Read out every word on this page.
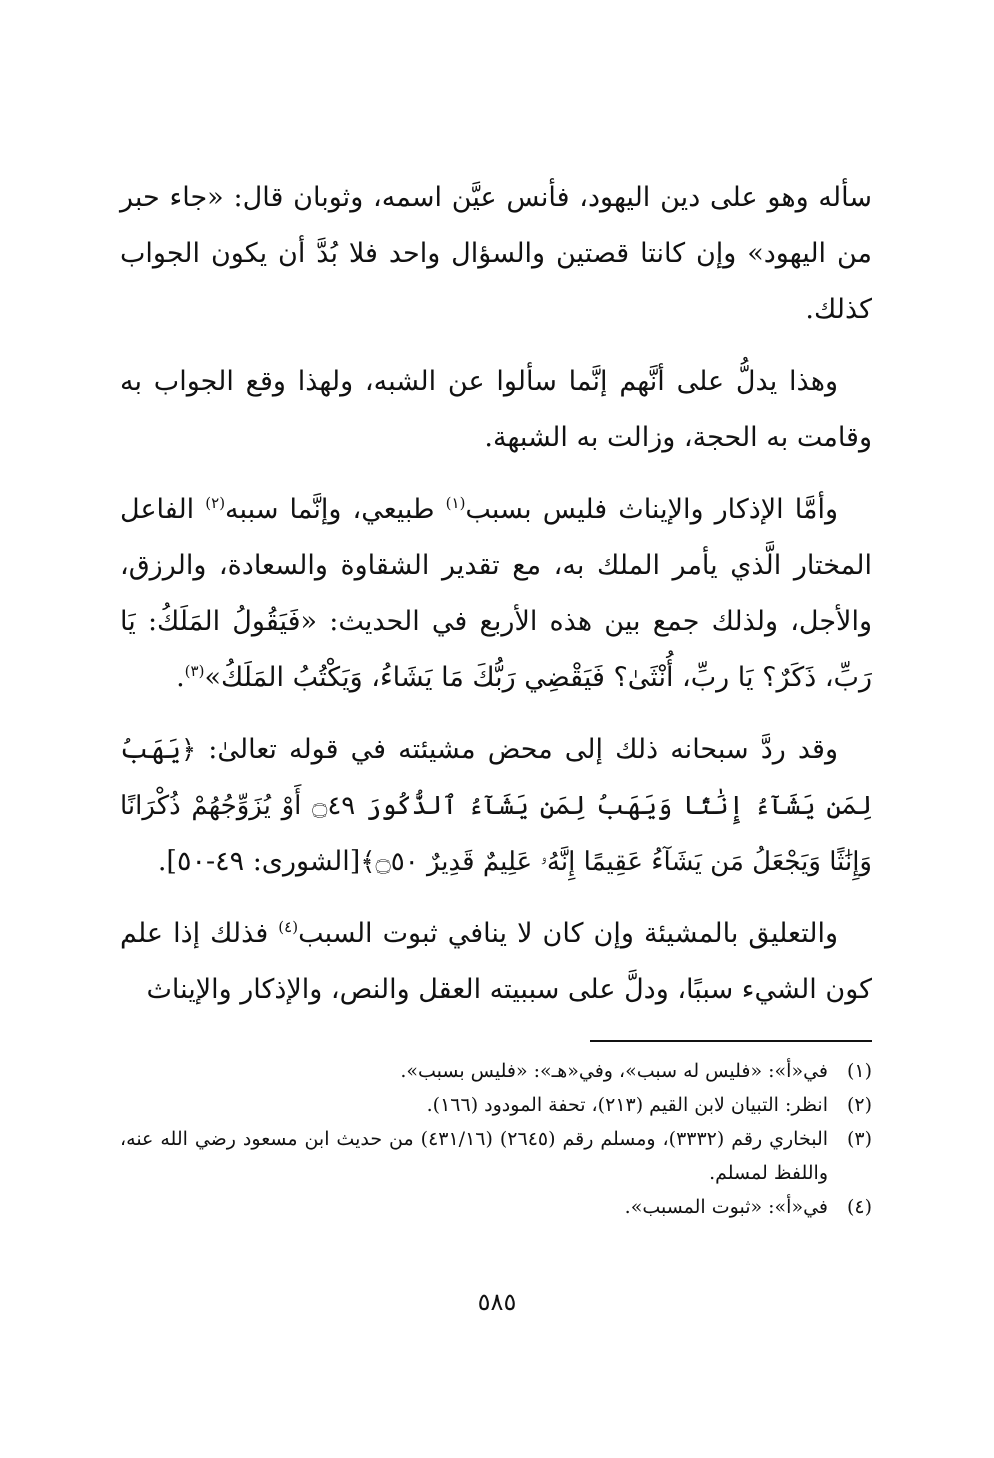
سأله وهو على دين اليهود، فأنس عيَّن اسمه، وثوبان قال: «جاء حبر من اليهود» وإن كانتا قصتين والسؤال واحد فلا بُدَّ أن يكون الجواب كذلك.

وهذا يدلُّ على أنَّهم إنَّما سألوا عن الشبه، ولهذا وقع الجواب به وقامت به الحجة، وزالت به الشبهة.

وأمَّا الإذكار والإيناث فليس بسبب$^{(١)}$ طبيعي، وإنَّما سببه$^{(٢)}$ الفاعل المختار الَّذي يأمر الملك به، مع تقدير الشقاوة والسعادة، والرزق، والأجل، ولذلك جمع بين هذه الأربع في الحديث: «فَيَقُولُ المَلَكُ: يَا رَبِّ، ذَكَرٌ؟ يَا ربِّ، أُنْثَىٰ؟ فَيَقْضِي رَبُّكَ مَا يَشَاءُ، وَيَكْتُبُ المَلَكُ»$^{(٣)}$.

وقد ردَّ سبحانه ذلك إلى محض مشيئته في قوله تعالىٰ: ﴿يَهَبُ لِمَن يَشَآءُ إِنَٰثًا وَيَهَبُ لِمَن يَشَآءُ ٱلذُّكُورَ ۝٤٩ أَوْ يُزَوِّجُهُمْ ذُكْرَانًا وَإِنَٰثًا وَيَجْعَلُ مَن يَشَآءُ عَقِيمًا إِنَّهُۥ عَلِيمٌ قَدِيرٌ ۝٥٠﴾[الشورى: ٤٩-٥٠].

والتعليق بالمشيئة وإن كان لا ينافي ثبوت السبب$^{(٤)}$ فذلك إذا علم كون الشيء سببًا، ودلَّ على سببيته العقل والنص، والإذكار والإيناث

(١)
في«أ»: «فليس له سبب»، وفي«هـ»: «فليس بسبب».
(٢)
انظر: التبيان لابن القيم (٢١٣)، تحفة المودود (١٦٦).
(٣)
البخاري رقم (٣٣٣٢)، ومسلم رقم (٢٦٤٥) (٤٣١/١٦) من حديث ابن مسعود رضي الله عنه، واللفظ لمسلم.
(٤)
في«أ»: «ثبوت المسبب».
٥٨٥
